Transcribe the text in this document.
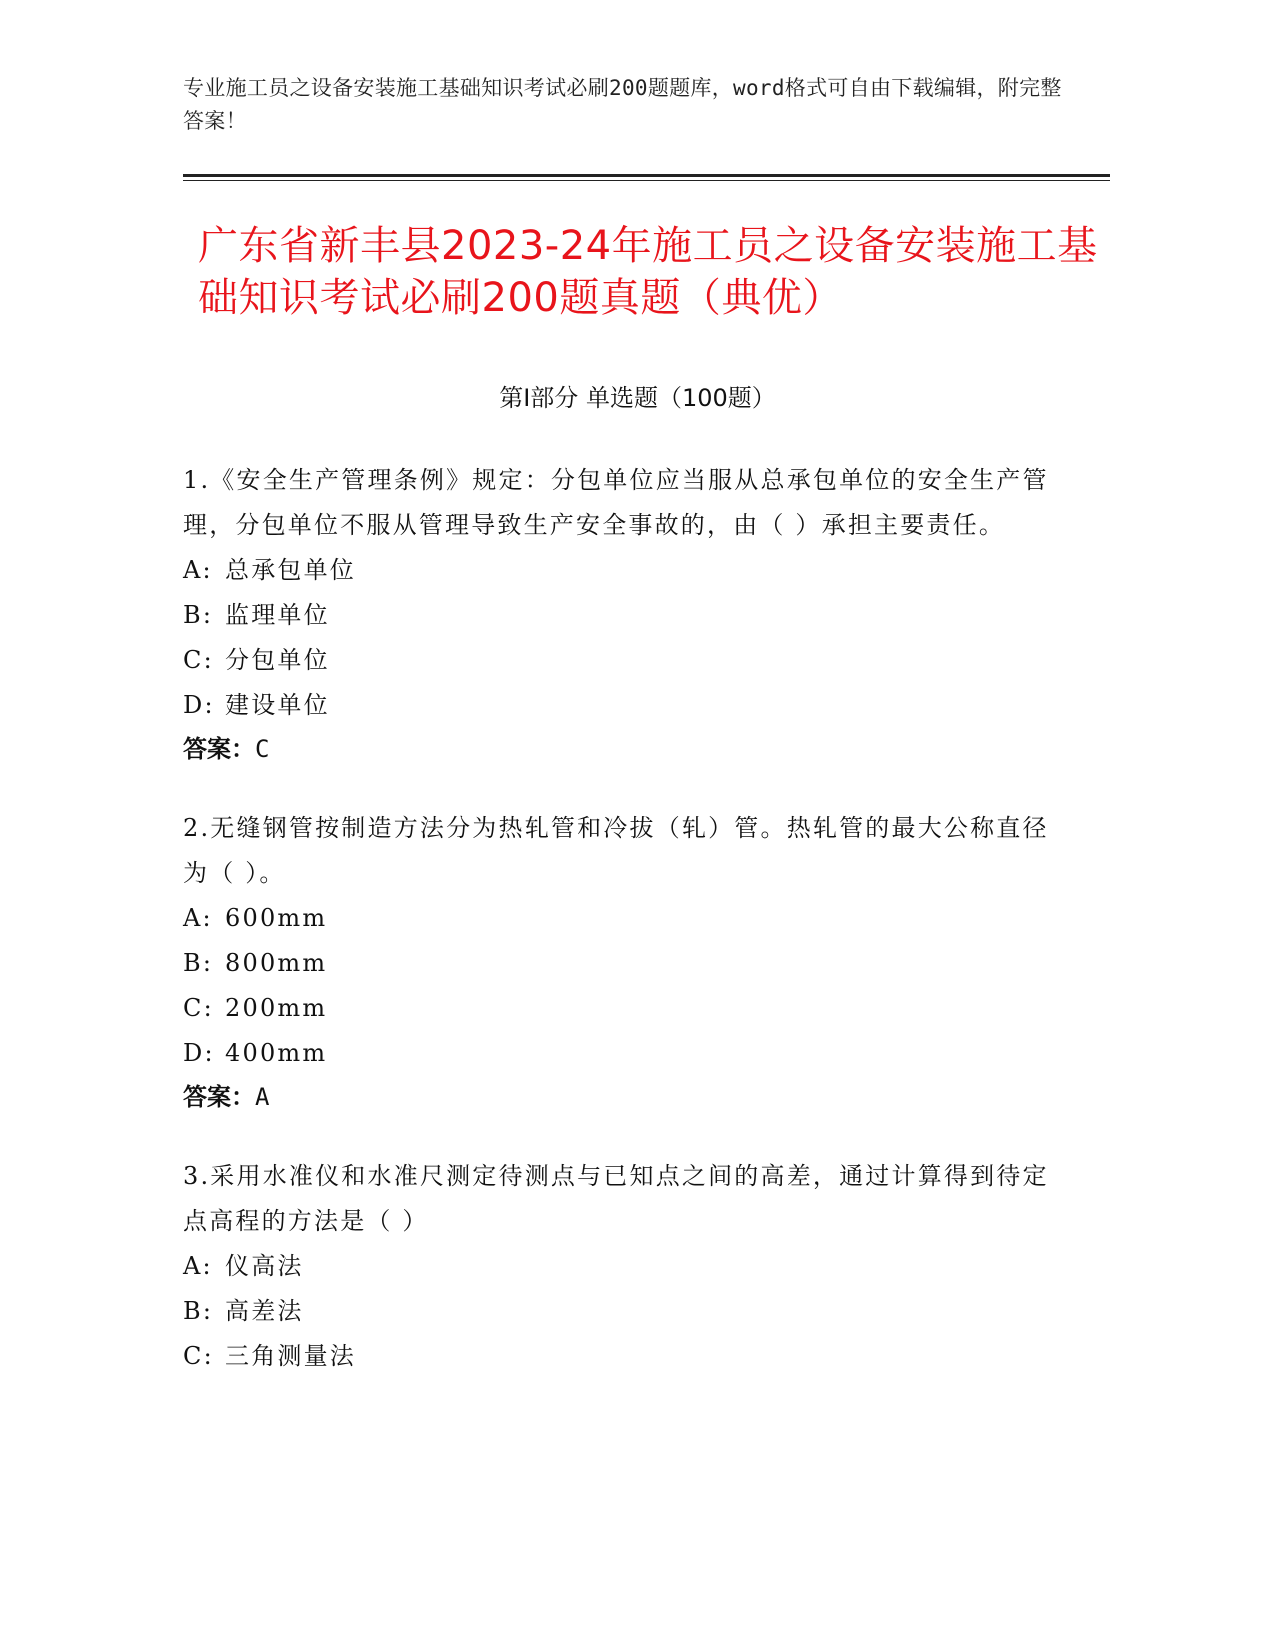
专业施工员之设备安装施工基础知识考试必刷200题题库，word格式可自由下载编辑，附完整答案！
广东省新丰县2023-24年施工员之设备安装施工基础知识考试必刷200题真题（典优）
第Ⅰ部分 单选题（100题）
1.《安全生产管理条例》规定：分包单位应当服从总承包单位的安全生产管理，分包单位不服从管理导致生产安全事故的，由（ ）承担主要责任。
A: 总承包单位
B: 监理单位
C: 分包单位
D: 建设单位
答案：C
2.无缝钢管按制造方法分为热轧管和冷拔（轧）管。热轧管的最大公称直径为（ ）。
A: 600mm
B: 800mm
C: 200mm
D: 400mm
答案：A
3.采用水准仪和水准尺测定待测点与已知点之间的高差，通过计算得到待定点高程的方法是（ ）
A: 仪高法
B: 高差法
C: 三角测量法
